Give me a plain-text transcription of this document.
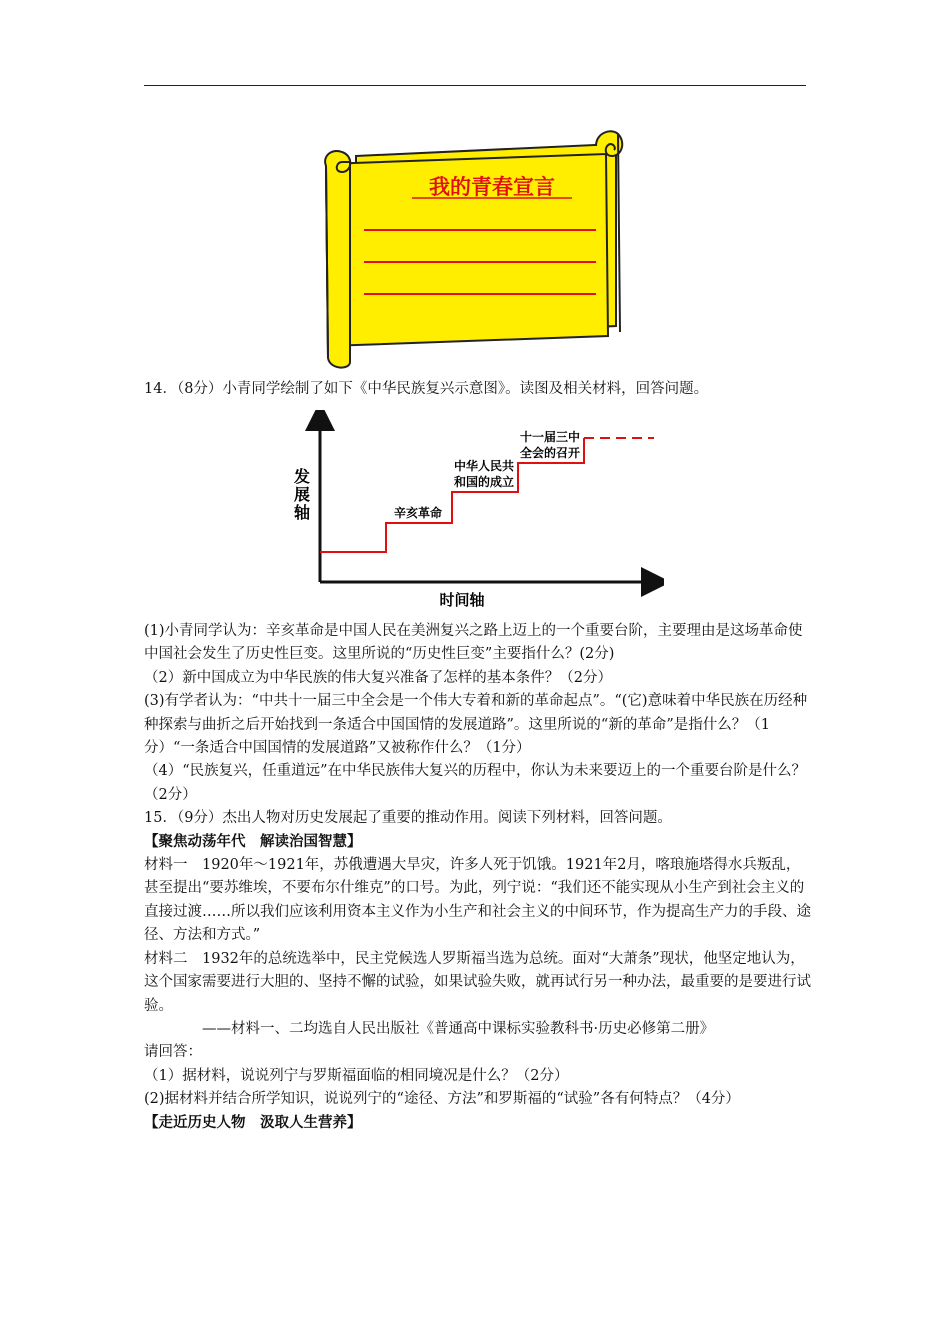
我的青春宣言
14．（8分）小青同学绘制了如下《中华民族复兴示意图》。读图及相关材料，回答问题。
发
展
轴
时间轴
辛亥革命
中华人民共
和国的成立
十一届三中
全会的召开

(1)小青同学认为：辛亥革命是中国人民在美洲复兴之路上迈上的一个重要台阶，主要理由是这场革命使中国社会发生了历史性巨变。这里所说的“历史性巨变”主要指什么？(2分)

（2）新中国成立为中华民族的伟大复兴准备了怎样的基本条件？（2分）

(3)有学者认为：“中共十一届三中全会是一个伟大专着和新的革命起点”。“(它)意味着中华民族在历经种种探索与曲折之后开始找到一条适合中国国情的发展道路”。这里所说的“新的革命”是指什么？（1分）“一条适合中国国情的发展道路”又被称作什么？（1分）

（4）“民族复兴，任重道远”在中华民族伟大复兴的历程中，你认为未来要迈上的一个重要台阶是什么？（2分）

15．（9分）杰出人物对历史发展起了重要的推动作用。阅读下列材料，回答问题。

【聚焦动荡年代　解读治国智慧】

材料一　1920年～1921年，苏俄遭遇大旱灾，许多人死于饥饿。1921年2月，喀琅施塔得水兵叛乱，甚至提出“要苏维埃，不要布尔什维克”的口号。为此，列宁说：“我们还不能实现从小生产到社会主义的直接过渡……所以我们应该利用资本主义作为小生产和社会主义的中间环节，作为提高生产力的手段、途径、方法和方式。”

材料二　1932年的总统选举中，民主党候选人罗斯福当选为总统。面对“大萧条”现状，他坚定地认为，这个国家需要进行大胆的、坚持不懈的试验，如果试验失败，就再试行另一种办法，最重要的是要进行试验。

——材料一、二均选自人民出版社《普通高中课标实验教科书·历史必修第二册》

请回答：

（1）据材料，说说列宁与罗斯福面临的相同境况是什么？（2分）

(2)据材料并结合所学知识，说说列宁的“途径、方法”和罗斯福的“试验”各有何特点？（4分）

【走近历史人物　汲取人生营养】
